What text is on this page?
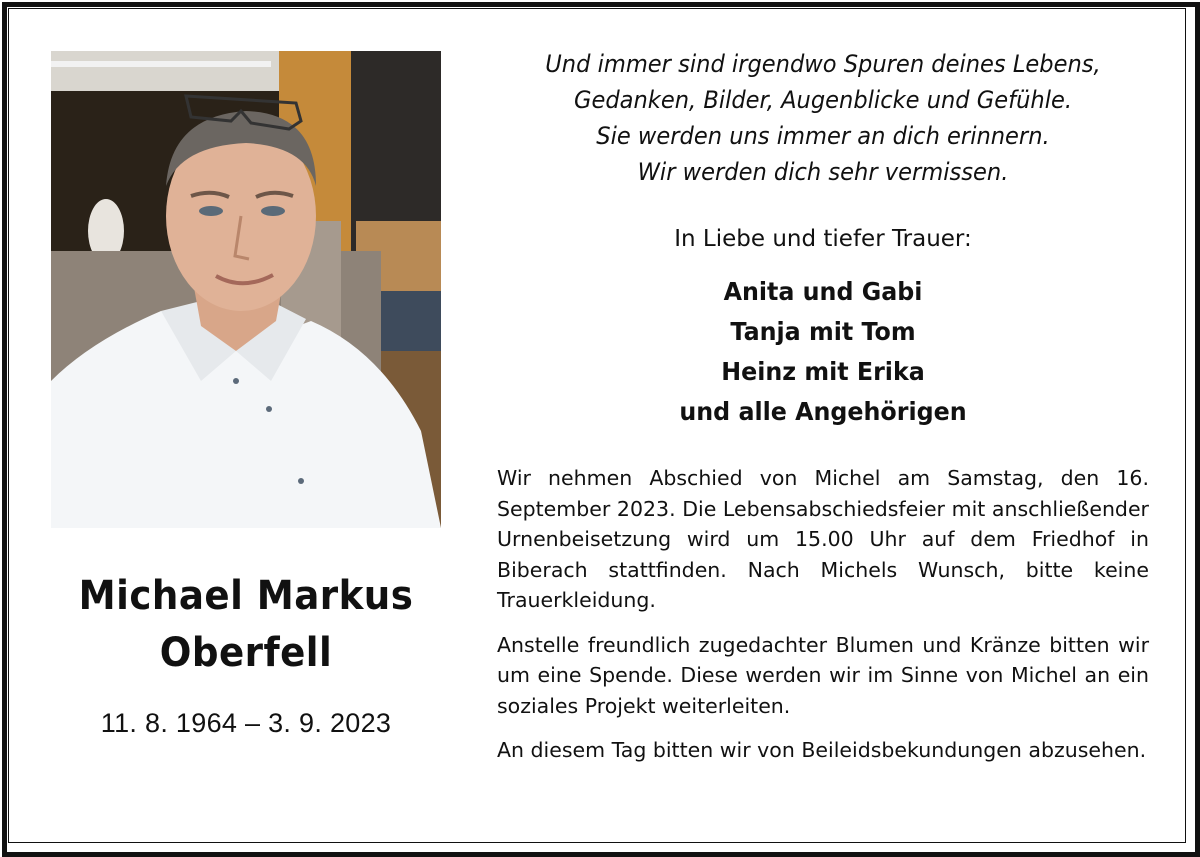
Michael Markus
Oberfell
11. 8. 1964 – 3. 9. 2023
Und immer sind irgendwo Spuren deines Lebens,
Gedanken, Bilder, Augenblicke und Gefühle.
Sie werden uns immer an dich erinnern.
Wir werden dich sehr vermissen.
In Liebe und tiefer Trauer:
Anita und Gabi
Tanja mit Tom
Heinz mit Erika
und alle Angehörigen
Wir nehmen Abschied von Michel am Samstag, den 16. September 2023. Die Lebensabschiedsfeier mit anschließender Urnenbeisetzung wird um 15.00 Uhr auf dem Friedhof in Biberach stattfinden. Nach Michels Wunsch, bitte keine Trauerkleidung.
Anstelle freundlich zugedachter Blumen und Kränze bitten wir um eine Spende. Diese werden wir im Sinne von Michel an ein soziales Projekt weiterleiten.
An diesem Tag bitten wir von Beileidsbekundungen abzusehen.
